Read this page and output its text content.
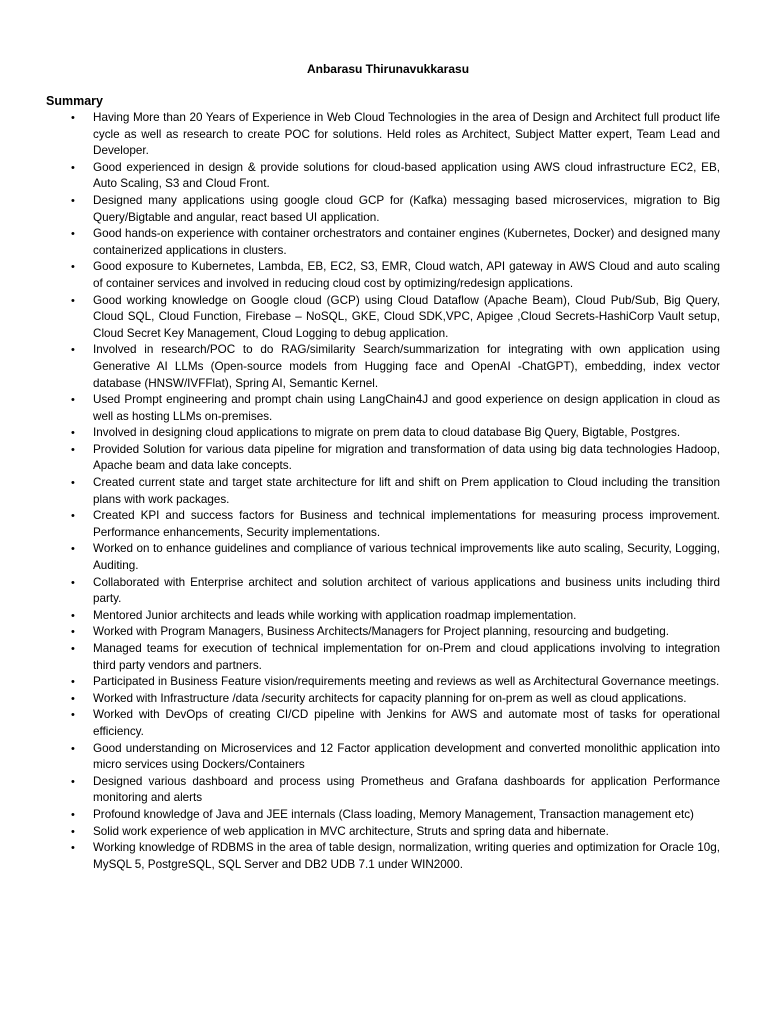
Anbarasu Thirunavukkarasu
Summary
• Having More than 20 Years of Experience in Web Cloud Technologies in the area of Design and Architect full product life cycle as well as research to create POC for solutions. Held roles as Architect, Subject Matter expert, Team Lead and Developer.
• Good experienced in design & provide solutions for cloud-based application using AWS cloud infrastructure EC2, EB, Auto Scaling, S3 and Cloud Front.
• Designed many applications using google cloud GCP for (Kafka) messaging based microservices, migration to Big Query/Bigtable and angular, react based UI application.
• Good hands-on experience with container orchestrators and container engines (Kubernetes, Docker) and designed many containerized applications in clusters.
• Good exposure to Kubernetes, Lambda, EB, EC2, S3, EMR, Cloud watch, API gateway in AWS Cloud and auto scaling of container services and involved in reducing cloud cost by optimizing/redesign applications.
• Good working knowledge on Google cloud (GCP) using Cloud Dataflow (Apache Beam), Cloud Pub/Sub, Big Query, Cloud SQL, Cloud Function, Firebase – NoSQL, GKE, Cloud SDK,VPC, Apigee ,Cloud Secrets-HashiCorp Vault setup, Cloud Secret Key Management, Cloud Logging to debug application.
• Involved in research/POC to do RAG/similarity Search/summarization for integrating with own application using Generative AI LLMs (Open-source models from Hugging face and OpenAI -ChatGPT), embedding, index vector database (HNSW/IVFFlat), Spring AI, Semantic Kernel.
• Used Prompt engineering and prompt chain using LangChain4J and good experience on design application in cloud as well as hosting LLMs on-premises.
• Involved in designing cloud applications to migrate on prem data to cloud database Big Query, Bigtable, Postgres.
• Provided Solution for various data pipeline for migration and transformation of data using big data technologies Hadoop, Apache beam and data lake concepts.
• Created current state and target state architecture for lift and shift on Prem application to Cloud including the transition plans with work packages.
• Created KPI and success factors for Business and technical implementations for measuring process improvement. Performance enhancements, Security implementations.
• Worked on to enhance guidelines and compliance of various technical improvements like auto scaling, Security, Logging, Auditing.
• Collaborated with Enterprise architect and solution architect of various applications and business units including third party.
• Mentored Junior architects and leads while working with application roadmap implementation.
• Worked with Program Managers, Business Architects/Managers for Project planning, resourcing and budgeting.
• Managed teams for execution of technical implementation for on-Prem and cloud applications involving to integration third party vendors and partners.
• Participated in Business Feature vision/requirements meeting and reviews as well as Architectural Governance meetings.
• Worked with Infrastructure /data /security architects for capacity planning for on-prem as well as cloud applications.
• Worked with DevOps of creating CI/CD pipeline with Jenkins for AWS and automate most of tasks for operational efficiency.
• Good understanding on Microservices and 12 Factor application development and converted monolithic application into micro services using Dockers/Containers
• Designed various dashboard and process using Prometheus and Grafana dashboards for application Performance monitoring and alerts
• Profound knowledge of Java and JEE internals (Class loading, Memory Management, Transaction management etc)
• Solid work experience of web application in MVC architecture, Struts and spring data and hibernate.
• Working knowledge of RDBMS in the area of table design, normalization, writing queries and optimization for Oracle 10g, MySQL 5, PostgreSQL, SQL Server and DB2 UDB 7.1 under WIN2000.
